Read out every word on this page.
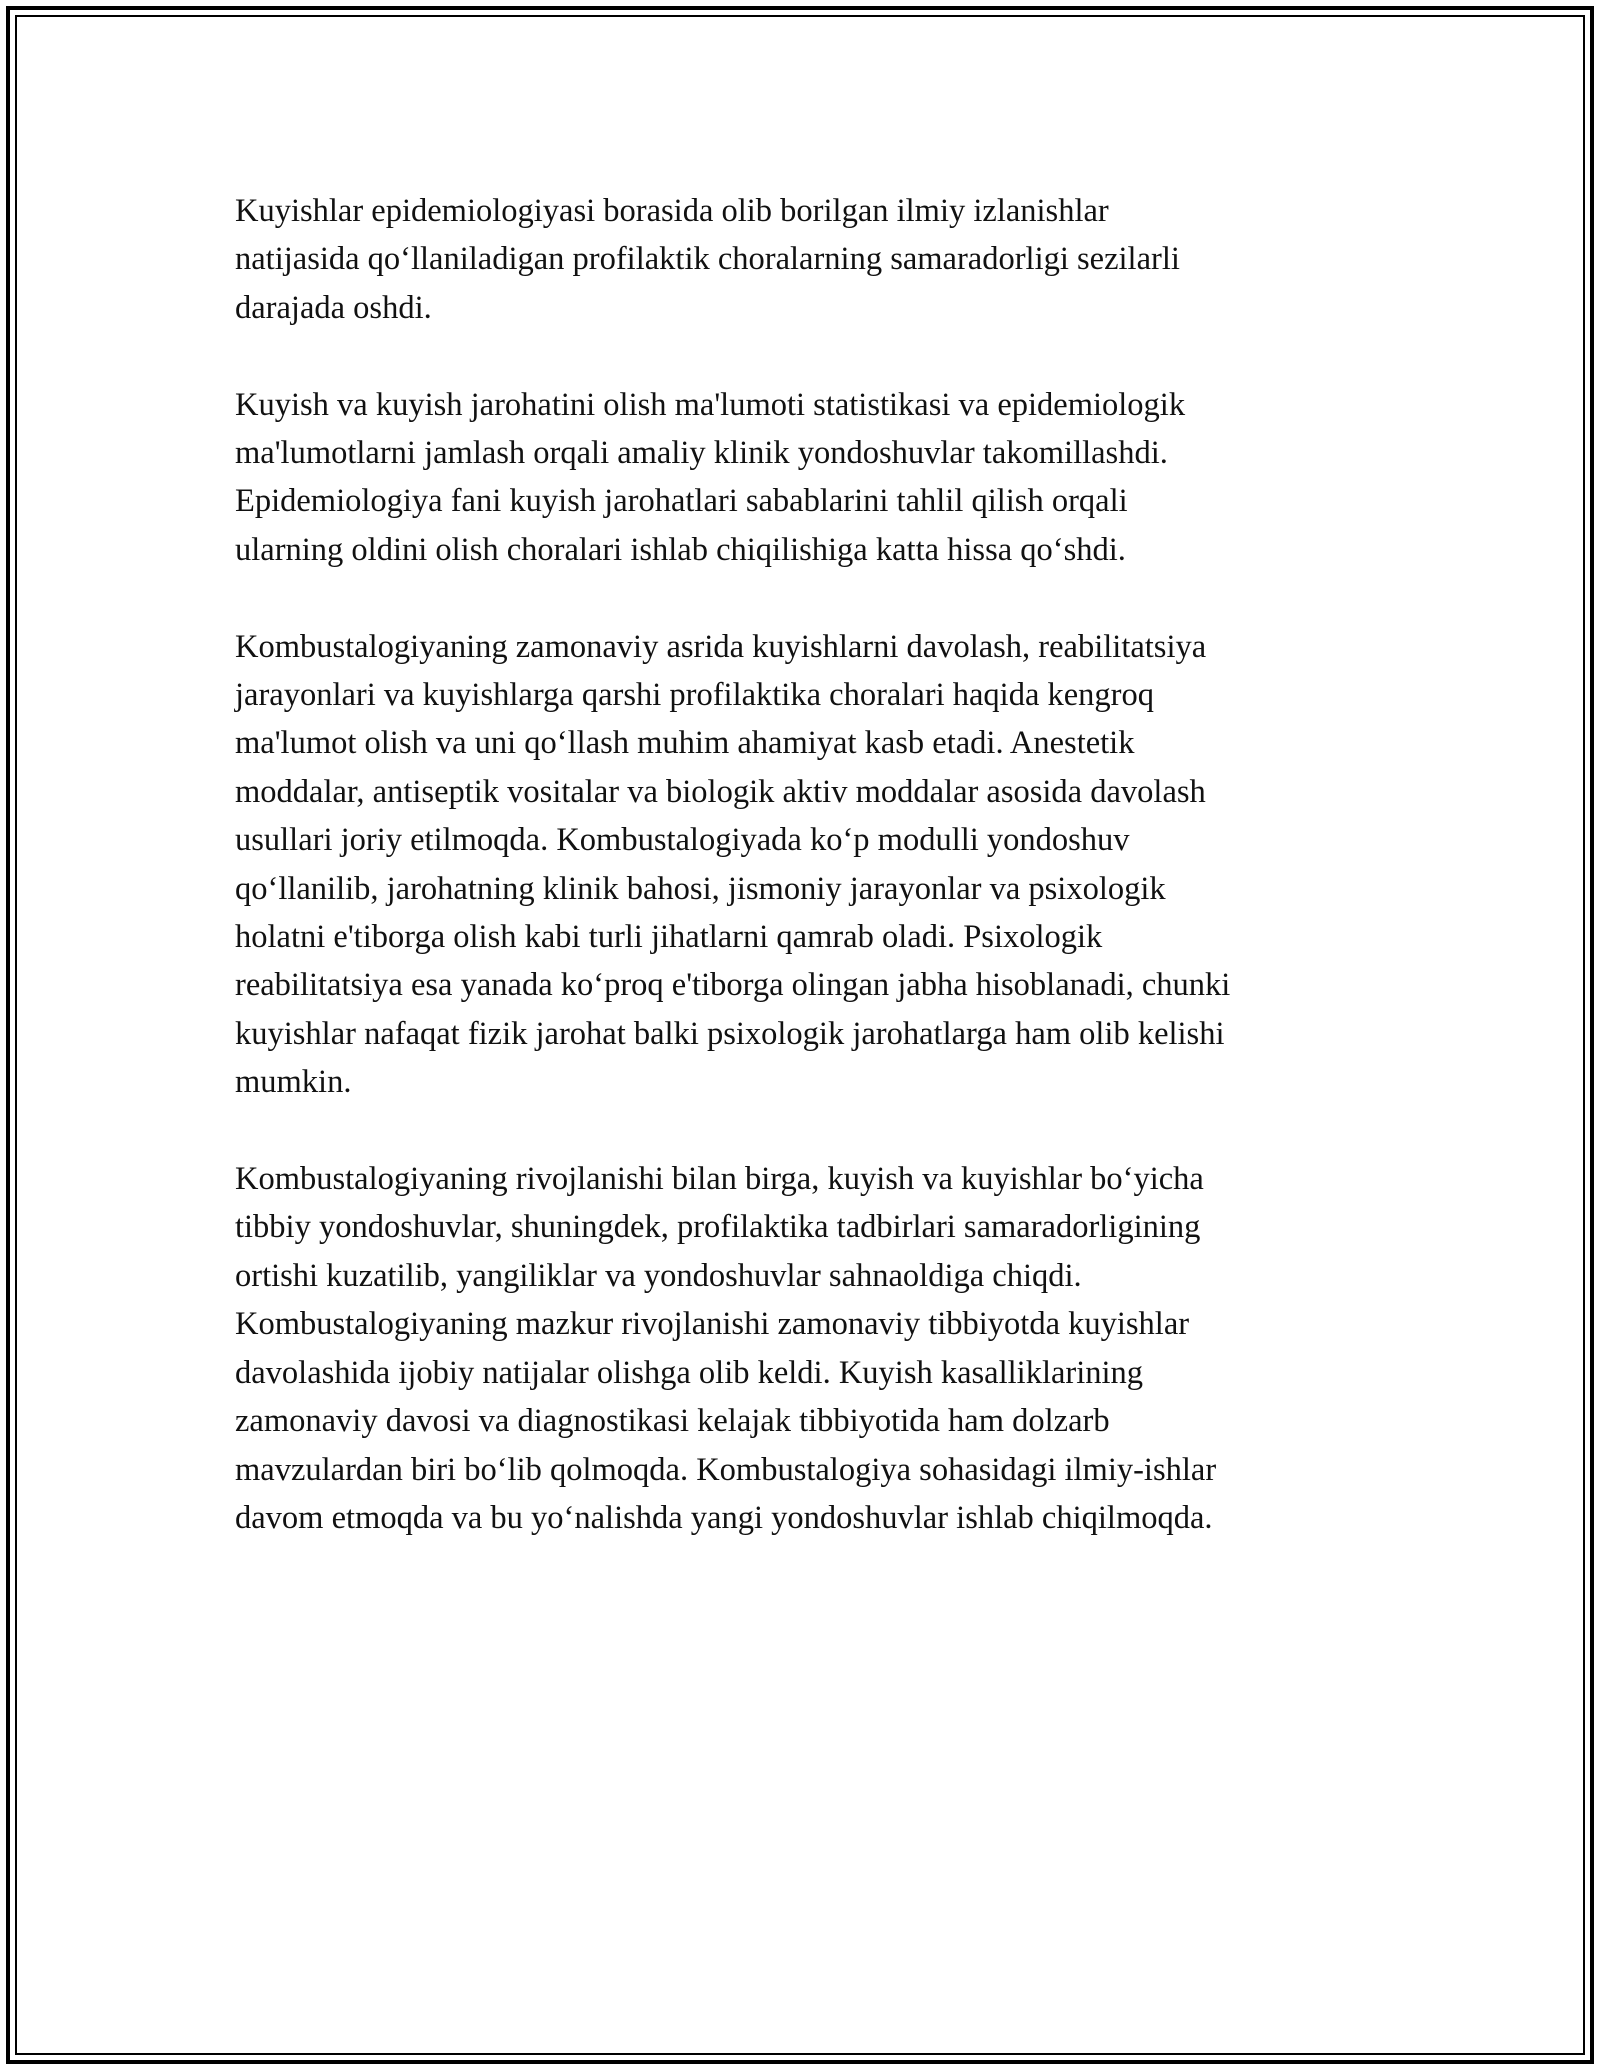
Kuyishlar epidemiologiyasi borasida olib borilgan ilmiy izlanishlar
natijasida qo‘llaniladigan profilaktik choralarning samaradorligi sezilarli
darajada oshdi.

Kuyish va kuyish jarohatini olish ma'lumoti statistikasi va epidemiologik
ma'lumotlarni jamlash orqali amaliy klinik yondoshuvlar takomillashdi.
Epidemiologiya fani kuyish jarohatlari sabablarini tahlil qilish orqali
ularning oldini olish choralari ishlab chiqilishiga katta hissa qo‘shdi.

Kombustalogiyaning zamonaviy asrida kuyishlarni davolash, reabilitatsiya
jarayonlari va kuyishlarga qarshi profilaktika choralari haqida kengroq
ma'lumot olish va uni qo‘llash muhim ahamiyat kasb etadi. Anestetik
moddalar, antiseptik vositalar va biologik aktiv moddalar asosida davolash
usullari joriy etilmoqda. Kombustalogiyada ko‘p modulli yondoshuv
qo‘llanilib, jarohatning klinik bahosi, jismoniy jarayonlar va psixologik
holatni e'tiborga olish kabi turli jihatlarni qamrab oladi. Psixologik
reabilitatsiya esa yanada ko‘proq e'tiborga olingan jabha hisoblanadi, chunki
kuyishlar nafaqat fizik jarohat balki psixologik jarohatlarga ham olib kelishi
mumkin.

Kombustalogiyaning rivojlanishi bilan birga, kuyish va kuyishlar bo‘yicha
tibbiy yondoshuvlar, shuningdek, profilaktika tadbirlari samaradorligining
ortishi kuzatilib, yangiliklar va yondoshuvlar sahnaoldiga chiqdi.
Kombustalogiyaning mazkur rivojlanishi zamonaviy tibbiyotda kuyishlar
davolashida ijobiy natijalar olishga olib keldi. Kuyish kasalliklarining
zamonaviy davosi va diagnostikasi kelajak tibbiyotida ham dolzarb
mavzulardan biri bo‘lib qolmoqda. Kombustalogiya sohasidagi ilmiy-ishlar
davom etmoqda va bu yo‘nalishda yangi yondoshuvlar ishlab chiqilmoqda.
